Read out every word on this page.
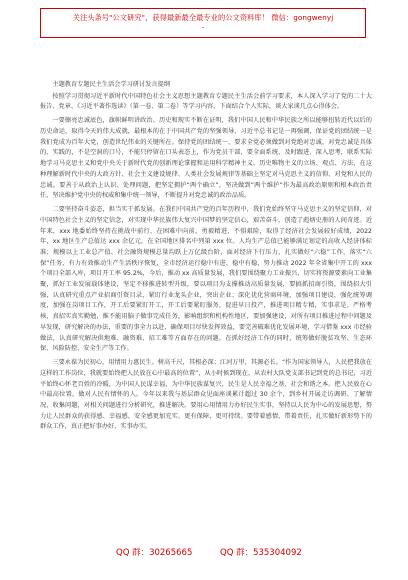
关注头条号"公文研究"，获得最新最全最专业的公文资料库！ 微信：gongwenyj
-

主题教育专题民主生活会学习研讨发言提纲

按照学习贯彻习近平新时代中国特色社会主义思想主题教育专题民主生活会前学习要求，本人深入学习了党的二十大报告、党章、《习近平著作选读》（第一卷、第二卷）等学习内容，下面结合个人实际，谈大家谈几点心得体会。

一要擦亮忠诚底色，旗帜鲜明讲政治。历史和现实不断在证明，我们中国人民和中华民族之所以能够扭转近代以后的历史命运，取得今天的伟大成就，最根本的在于中国共产党的坚强领导，习近平总书记是一再强调，保证党的团结统一是我们党成为百年大党，创造世纪伟业的关键所在。保持党的团结统一，要求全党必须做到对党绝对忠诚，对党忠诚是具体的、实践的，不是空洞的口号，不能只停留在口头表态上，作为党员干部，要全面系统、及时跟进、深入思考，联系实际地学习马克思主义和党中央关于新时代党的创新理论掌握和运用科学精神主义，历史唯物主义的立场、观点、方法，在这种理解新时代中央的大政方针、社会主义建设规律、人类社会发展规律等基础上坚定对马克思主义的信仰、对党和人民的忠诚。要善于从政治上认识、处理问题，把坚定拥护“两个确立”，坚决做到“两个维护”作为最高政治原则和根本政治责任，坚决维护党中央的权威和集中统一领导，不断提升对党忠诚的政治品质。

二要坚持奋斗姿态，担当实干抓发展。在我们中国共产党的百年历程中，我们党始终坚守马克思主义的坚定信仰，对中国特色社会主义的坚定信念，对实现中华民族伟大复兴中国梦的坚定信心，艰苦奋斗，创造了彪炳史册的人间奇迹。近年来，xxx 地委始终坚持在挑战中前行、在困难中向前，勇毅精进、不惧艰险，取得了经济社会发展较好成绩，2022 年，xx 地区生产总值达 xxx 余亿元，在全国地区排名中列第 xxx 位。人均生产总值已能够满足划定的高收入经济体标准；规模以上工业总产值、社会融资规模总量均跃上万亿级台阶，面对经济下行压力，扎实做好“六稳”工作，落实“六保”任务，有力有效推动生产生活秩序恢复，全市经济运行稳中有进、稳中有稳，努力推动 2022 年全省集中开工的 xxx 个项目全部入库，项目开工率 95.2%，今后，推动 xx 高质量发展，我们要围绕聚力工业振兴，切实将资源要素向工业集聚，抓好工业发展载体建设，坚定不移推进转型升级，要以项目为支撑推动高质量发展，要搞抓招商引资，围绕招大引强，认真研究重点产业招商引资目录，紧盯行业龙头企业，突出企业；深化优化营商环境，加强项目建设，强化统筹调度，加强在岗项目工作，开工后要紧盯开工，开工后要紧盯服务，促进早日投产，推进项目精专精，实事求是、严格考核，真招实真实勤勉，推不能用脑子做事完成任务，影响组织和机构性地区，要加强建设，对所有项目推进过程中问题及早发现，研究解决的办法，重要的事全力以赴，确保项目尽快发挥效益，要完善破难优化发展环境，学习借鉴 xxx 市经验做法，认真研究解决供地难、融资难、招工难等方面存在的问题，在抓好经济工作的同时，统筹做好脱贫攻坚、生态环保、风险防控、安全生产等工作。

三要永葆为民初心，用情用力惠民生。树高千尺，其根必深；江河万里，其源必长。“作为国家领导人，人民把我放在这样的工作岗位，我就要始终把人民放在心中最高的位置”，从小时候到现在，从农村大队党支部书记到党的总书记，习近平始终心怀老百姓的冷暖，为中国人民谋幸福，为中华民族谋复兴，民生是人民幸福之基、社会和谐之本。把人民放在心中最高位置，做对人民有情怀的人。今年以来我与基层群众见面座谈累计超过 30 余个，到乡村开展走访调研、了解情况，收集问题，对相关问题进行分析研究，推进解决。要用心用情用力办好民生实事，坚持以人民为中心的发展思想，努力让人民群众的获得感、幸福感、安全感更加充实、更有保障、更可持续。要带着感情、带着责任，扎实做好新形势下的群众工作，真正把好事办好、实事办实。

QQ 群：30265665	QQ 群：535304092
